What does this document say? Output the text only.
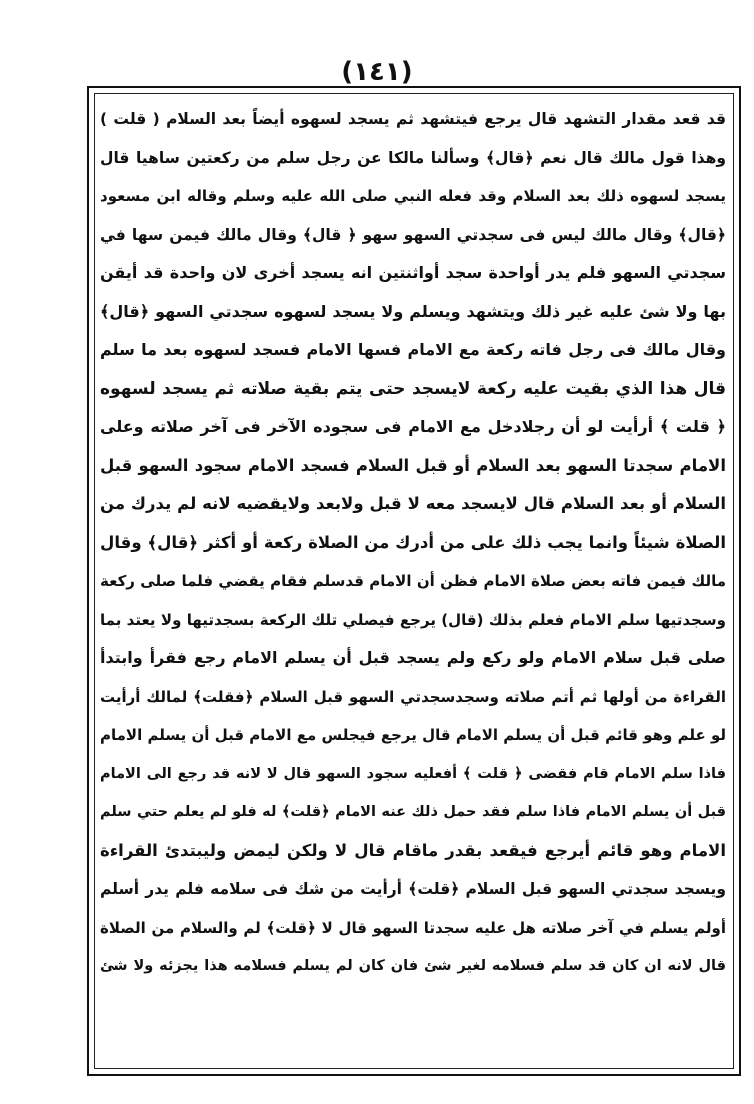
(١٤١)
قد قعد مقدار التشهد قال يرجع فيتشهد ثم يسجد لسهوه أيضاً بعد السلام ( قلت )
وهذا قول مالك قال نعم ﴿قال﴾ وسألنا مالكا عن رجل سلم من ركعتين ساهيا قال
يسجد لسهوه ذلك بعد السلام وقد فعله النبي صلى الله عليه وسلم وقاله ابن مسعود
﴿قال﴾ وقال مالك ليس فى سجدتي السهو سهو ﴿ قال﴾ وقال مالك فيمن سها في
سجدتي السهو فلم يدر أواحدة سجد أواثنتين انه يسجد أخرى لان واحدة قد أيقن
بها ولا شئ عليه غير ذلك ويتشهد ويسلم ولا يسجد لسهوه سجدتي السهو ﴿قال﴾
وقال مالك فى رجل فاته ركعة مع الامام فسها الامام فسجد لسهوه بعد ما سلم
قال هذا الذي بقيت عليه ركعة لايسجد حتى يتم بقية صلاته ثم يسجد لسهوه
﴿ قلت ﴾ أرأيت لو أن رجلادخل مع الامام فى سجوده الآخر فى آخر صلاته وعلى
الامام سجدتا السهو بعد السلام أو قبل السلام فسجد الامام سجود السهو قبل
السلام أو بعد السلام قال لايسجد معه لا قبل ولابعد ولايقضيه لانه لم يدرك من
الصلاة شيئاً وانما يجب ذلك على من أدرك من الصلاة ركعة أو أكثر ﴿قال﴾ وقال
مالك فيمن فاته بعض صلاة الامام فظن أن الامام قدسلم فقام يقضي فلما صلى ركعة
وسجدتيها سلم الامام فعلم بذلك (قال) يرجع فيصلي تلك الركعة بسجدتيها ولا يعتد بما
صلى قبل سلام الامام ولو ركع ولم يسجد قبل أن يسلم الامام رجع فقرأ وابتدأ
القراءة من أولها ثم أتم صلاته وسجدسجدتي السهو قبل السلام ﴿فقلت﴾ لمالك أرأيت
لو علم وهو قائم قبل أن يسلم الامام قال يرجع فيجلس مع الامام قبل أن يسلم الامام
فاذا سلم الامام قام فقضى ﴿ قلت ﴾ أفعليه سجود السهو قال لا لانه قد رجع الى الامام
قبل أن يسلم الامام فاذا سلم فقد حمل ذلك عنه الامام ﴿قلت﴾ له فلو لم يعلم حتي سلم
الامام وهو قائم أيرجع فيقعد بقدر ماقام قال لا ولكن ليمض وليبتدئ القراءة
ويسجد سجدتي السهو قبل السلام ﴿قلت﴾ أرأيت من شك فى سلامه فلم يدر أسلم
أولم يسلم في آخر صلاته هل عليه سجدتا السهو قال لا ﴿قلت﴾ لم والسلام من الصلاة
قال لانه ان كان قد سلم فسلامه لغير شئ فان كان لم يسلم فسلامه هذا يجزئه ولا شئ
